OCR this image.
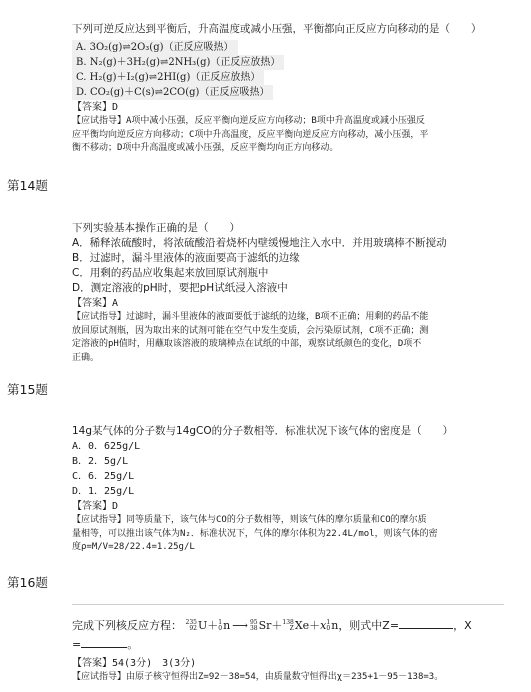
下列可逆反应达到平衡后，升高温度或减小压强，平衡都向正反应方向移动的是（　　）
A. 3O₂(g)⇌2O₃(g)（正反应吸热）
B. N₂(g)＋3H₂(g)⇌2NH₃(g)（正反应放热）
C. H₂(g)＋I₂(g)⇌2HI(g)（正反应放热）
D. CO₂(g)＋C(s)⇌2CO(g)（正反应吸热）
【答案】D
【应试指导】A项中减小压强，反应平衡向逆反应方向移动；B项中升高温度或减小压强反
应平衡均向逆反应方向移动；C项中升高温度，反应平衡向逆反应方向移动，减小压强，平
衡不移动；D项中升高温度或减小压强，反应平衡均向正方向移动。
第14题
下列实验基本操作正确的是（　　）
A．稀释浓硫酸时，将浓硫酸沿着烧杯内壁缓慢地注入水中．并用玻璃棒不断搅动
B．过滤时，漏斗里液体的液面要高于滤纸的边缘
C．用剩的药品应收集起来放回原试剂瓶中
D．测定溶液的pH时，要把pH试纸浸入溶液中
【答案】A
【应试指导】过滤时，漏斗里液体的液面要低于滤纸的边缘，B项不正确；用剩的药品不能
放回原试剂瓶，因为取出来的试剂可能在空气中发生变质，会污染原试剂，C项不正确；测
定溶液的pH值时，用蘸取该溶液的玻璃棒点在试纸的中部，观察试纸颜色的变化，D项不
正确。
第15题
14g某气体的分子数与14gCO的分子数相等．标准状况下该气体的密度是（　　）
A．0．625g/L
B．2．5g/L
C．6．25g/L
D．1．25g/L
【答案】D
【应试指导】同等质量下，该气体与CO的分子数相等，则该气体的摩尔质量和CO的摩尔质
量相等，可以推出该气体为N₂．标准状况下，气体的摩尔体积为22.4L/mol，则该气体的密
度ρ=M/V=28/22.4=1.25g/L
第16题
完成下列核反应方程： 235
92 U＋ 1
0 n ⟶ 95
38 Sr＋ 138
Z Xe＋x 1
0 n，则式中Z=	，X
=	。
【答案】54(3分)　3(3分)
【应试指导】由原子核守恒得出Z=92－38=54，由质量数守恒得出χ＝235+1－95－138=3。
